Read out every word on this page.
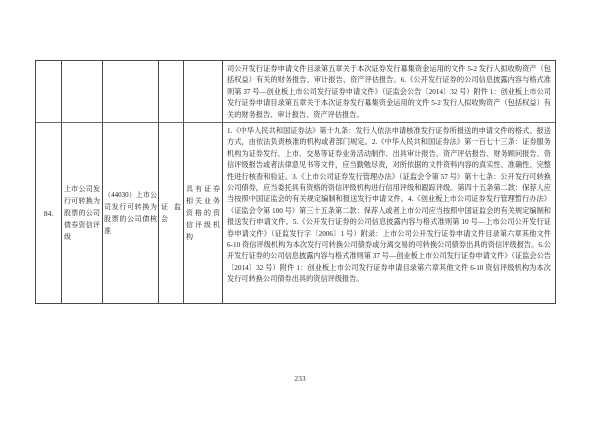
司公开发行证券申请文件目录第五章关于本次证券发行募集资金运用的文件 5-2 发行人拟收购资产（包括权益）有关的财务报告、审计报告、资产评估报告。6.《公开发行证券的公司信息披露内容与格式准则第 37 号—创业板上市公司发行证券申请文件》（证监会公告〔2014〕32 号）附件 1：创业板上市公司发行证券申请目录第五章关于本次证券发行募集资金运用的文件 5-2 发行人拟收购资产（包括权益）有关的财务报告、审计报告、资产评估报告。
84.
上市公司发行可转换为股票的公司债券资信评级
（44030）上市公司发行可转换为股票的公司债核准
证监会
具有证券相关业务资格的资信评级机构
1.《中华人民共和国证券法》第十九条：发行人依法申请核准发行证券所报送的申请文件的格式、报送方式，由依法负责核准的机构或者部门规定。2.《中华人民共和国证券法》第一百七十三条：证券服务机构为证券发行、上市、交易等证券业务活动制作、出具审计报告、资产评估报告、财务顾问报告、资信评级报告或者法律意见书等文件，应当勤勉尽责，对所依据的文件资料内容的真实性、准确性、完整性进行核查和验证。3.《上市公司证券发行管理办法》（证监会令第 57 号）第十七条：公开发行可转换公司债券，应当委托具有资格的资信评级机构进行信用评级和跟踪评级。第四十五条第二款：保荐人应当按照中国证监会的有关规定编制和报送发行申请文件。4.《创业板上市公司证券发行管理暂行办法》（证监会令第 100 号）第三十五条第二款：保荐人或者上市公司应当按照中国证监会的有关规定编制和报送发行申请文件。5.《公开发行证券的公司信息披露内容与格式准则第 10 号—上市公司公开发行证券申请文件》（证监发行字〔2006〕1 号）附录：上市公司公开发行证券申请文件目录第六章其他文件 6-10 资信评级机构为本次发行可转换公司债券或分离交易的可转换公司债券出具的资信评级报告。6.公开发行证券的公司信息披露内容与格式准则第 37 号—创业板上市公司发行证券申请文件》（证监会公告〔2014〕32 号）附件 1：创业板上市公司发行证券申请目录第六章其他文件 6-10 资信评级机构为本次发行可转换公司债券出具的资信评级报告。
233
